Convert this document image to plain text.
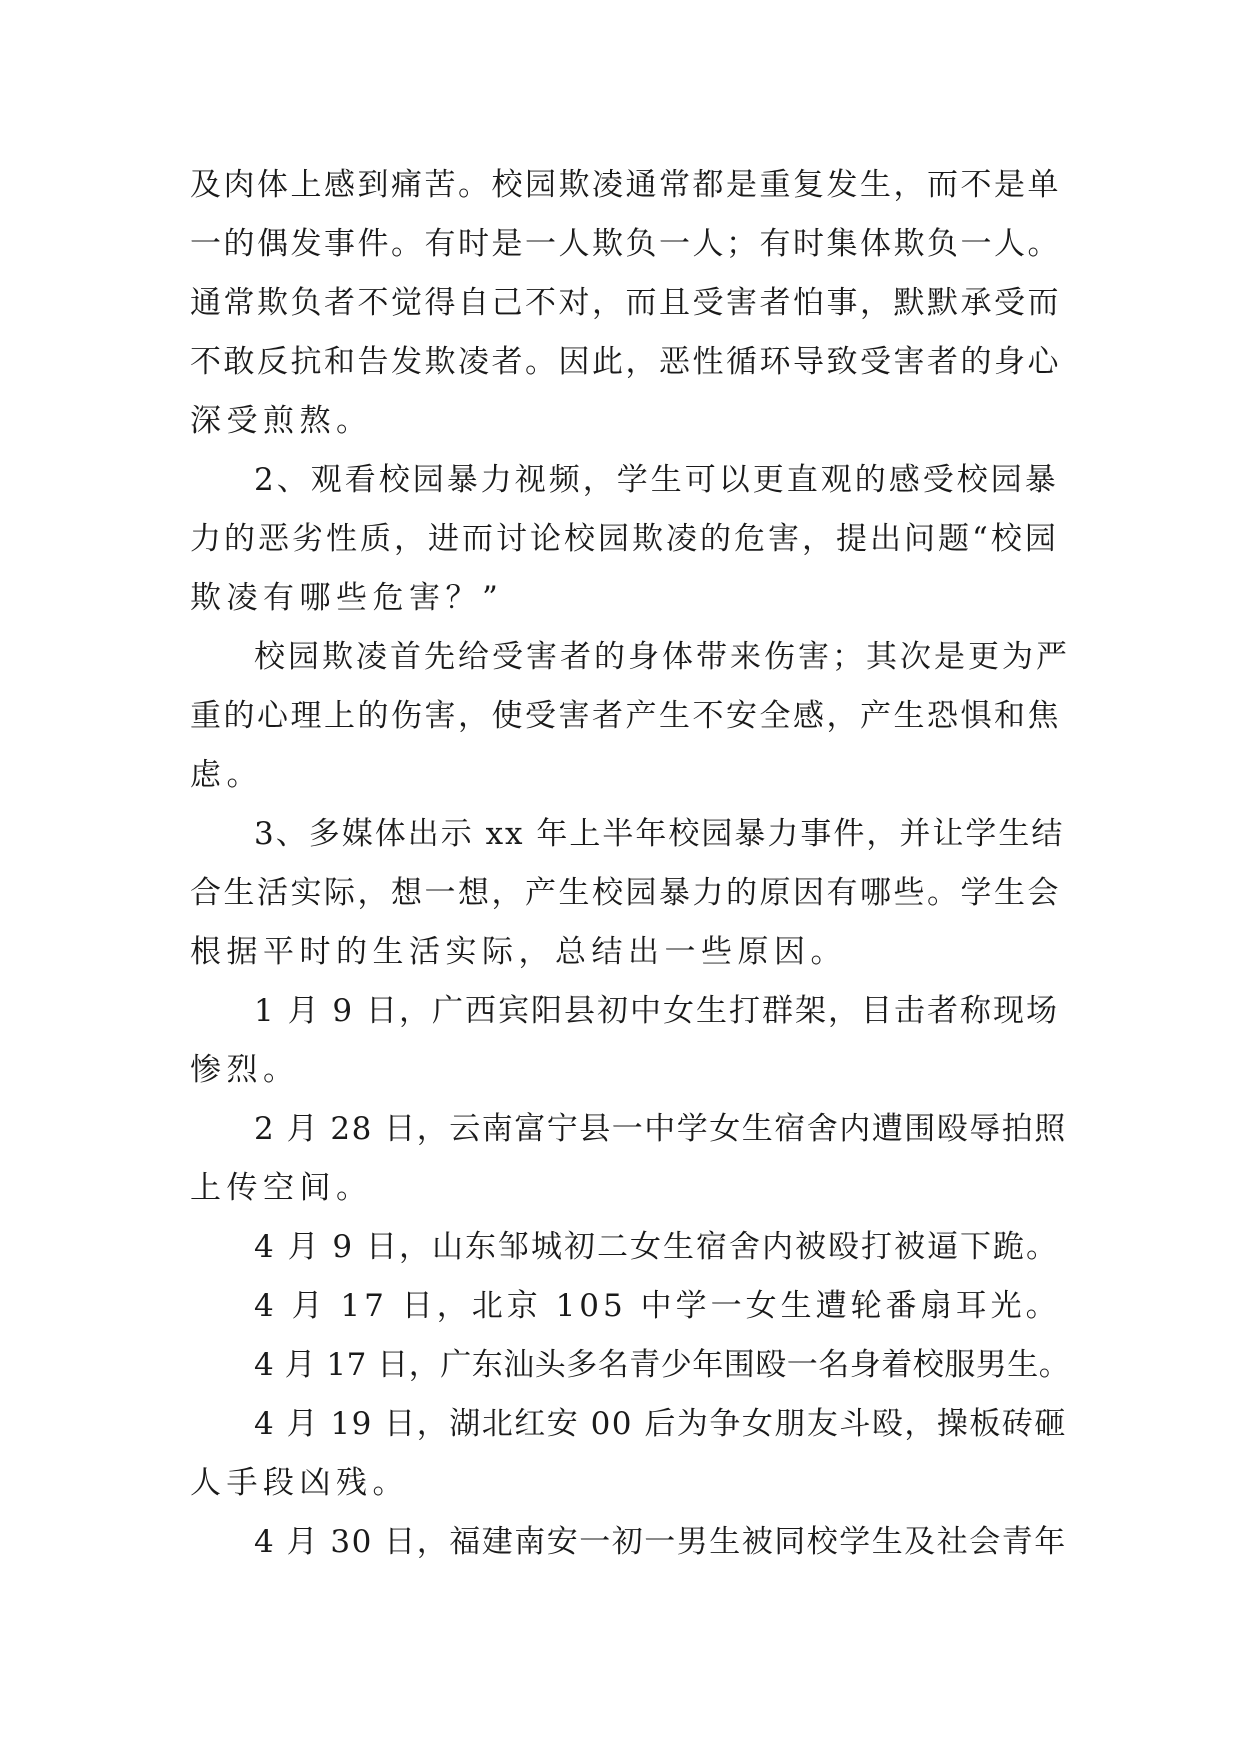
及肉体上感到痛苦。校园欺凌通常都是重复发生，而不是单
一的偶发事件。有时是一人欺负一人；有时集体欺负一人。
通常欺负者不觉得自己不对，而且受害者怕事，默默承受而
不敢反抗和告发欺凌者。因此，恶性循环导致受害者的身心
深受煎熬。
2、观看校园暴力视频，学生可以更直观的感受校园暴
力的恶劣性质，进而讨论校园欺凌的危害，提出问题“校园
欺凌有哪些危害？”
校园欺凌首先给受害者的身体带来伤害；其次是更为严
重的心理上的伤害，使受害者产生不安全感，产生恐惧和焦
虑。
3、多媒体出示 xx 年上半年校园暴力事件，并让学生结
合生活实际，想一想，产生校园暴力的原因有哪些。学生会
根据平时的生活实际，总结出一些原因。
1 月 9 日，广西宾阳县初中女生打群架，目击者称现场
惨烈。
2 月 28 日，云南富宁县一中学女生宿舍内遭围殴辱拍照
上传空间。
4 月 9 日，山东邹城初二女生宿舍内被殴打被逼下跪。
4 月 17 日，北京 105 中学一女生遭轮番扇耳光。
4 月 17 日，广东汕头多名青少年围殴一名身着校服男生。
4 月 19 日，湖北红安 00 后为争女朋友斗殴，操板砖砸
人手段凶残。
4 月 30 日，福建南安一初一男生被同校学生及社会青年
